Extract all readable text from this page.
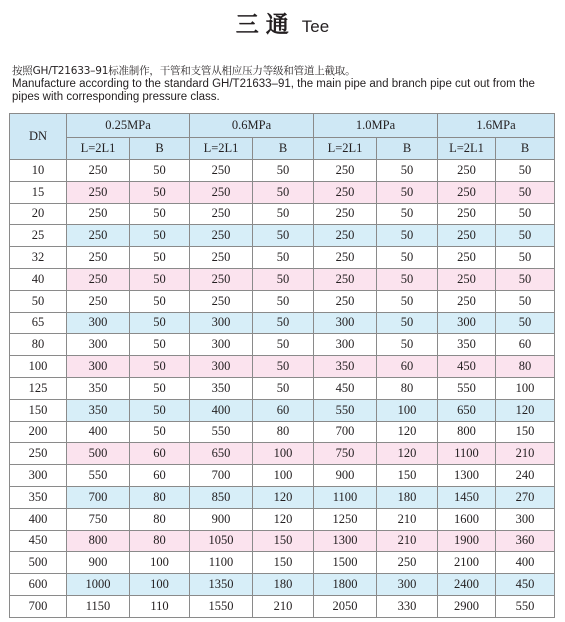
三通 Tee
按照GH/T21633–91标准制作，干管和支管从相应压力等级和管道上截取。
Manufacture according to the standard GH/T21633–91, the main pipe and branch pipe cut out from the pipes with corresponding pressure class.
DN	0.25MPa		0.6MPa		1.0MPa		1.6MPa	
	L=2L1	B	L=2L1	B	L=2L1	B	L=2L1	B
10	250	50	250	50	250	50	250	50
15	250	50	250	50	250	50	250	50
20	250	50	250	50	250	50	250	50
25	250	50	250	50	250	50	250	50
32	250	50	250	50	250	50	250	50
40	250	50	250	50	250	50	250	50
50	250	50	250	50	250	50	250	50
65	300	50	300	50	300	50	300	50
80	300	50	300	50	300	50	350	60
100	300	50	300	50	350	60	450	80
125	350	50	350	50	450	80	550	100
150	350	50	400	60	550	100	650	120
200	400	50	550	80	700	120	800	150
250	500	60	650	100	750	120	1100	210
300	550	60	700	100	900	150	1300	240
350	700	80	850	120	1100	180	1450	270
400	750	80	900	120	1250	210	1600	300
450	800	80	1050	150	1300	210	1900	360
500	900	100	1100	150	1500	250	2100	400
600	1000	100	1350	180	1800	300	2400	450
700	1150	110	1550	210	2050	330	2900	550
